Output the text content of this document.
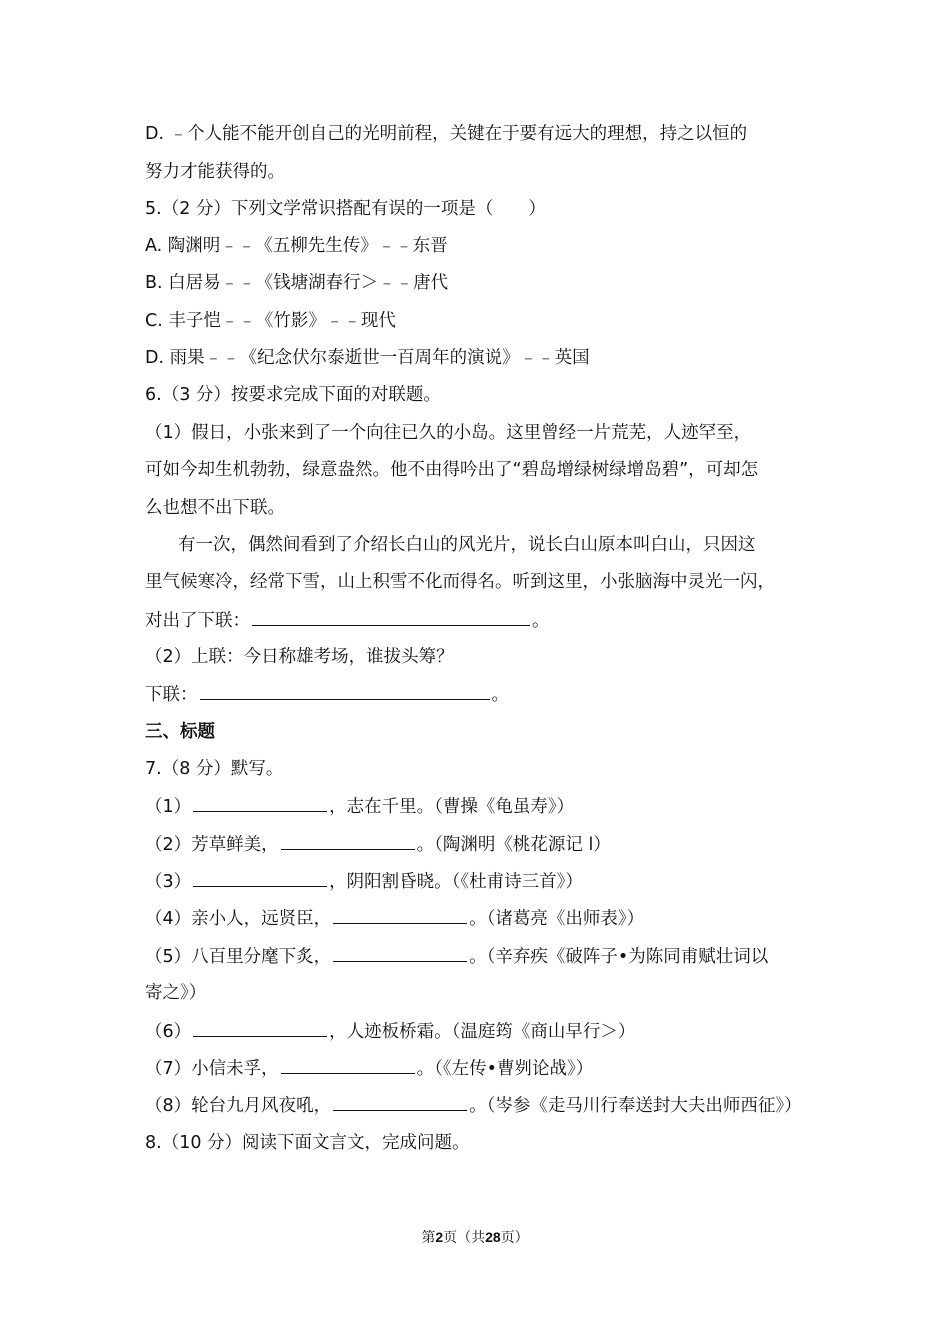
D. ﹣个人能不能开创自己的光明前程，关键在于要有远大的理想，持之以恒的
努力才能获得的。
5.（2 分）下列文学常识搭配有误的一项是（　　）
A. 陶渊明﹣﹣《五柳先生传》﹣﹣东晋
B. 白居易﹣﹣《钱塘湖春行＞﹣﹣唐代
C. 丰子恺﹣﹣《竹影》﹣﹣现代
D. 雨果﹣﹣《纪念伏尔泰逝世一百周年的演说》﹣﹣英国
6.（3 分）按要求完成下面的对联题。
（1）假日，小张来到了一个向往已久的小岛。这里曾经一片荒芜，人迹罕至，
可如今却生机勃勃，绿意盎然。他不由得吟出了“碧岛增绿树绿增岛碧”，可却怎
么也想不出下联。
有一次，偶然间看到了介绍长白山的风光片，说长白山原本叫白山，只因这
里气候寒冷，经常下雪，山上积雪不化而得名。听到这里，小张脑海中灵光一闪，
对出了下联：	。
（2）上联：今日称雄考场，谁拔头筹？
下联：	。
三、标题
7.（8 分）默写。
（1）	，志在千里。（曹操《龟虽寿》）
（2）芳草鲜美，	。（陶渊明《桃花源记 l）
（3）	，阴阳割昏晓。（《杜甫诗三首》）
（4）亲小人，远贤臣，	。（诸葛亮《出师表》）
（5）八百里分麾下炙，	。（辛弃疾《破阵子•为陈同甫赋壮词以
寄之》）
（6）	，人迹板桥霜。（温庭筠《商山早行＞）
（7）小信未孚，	。（《左传•曹刿论战》）
（8）轮台九月风夜吼，	。（岑参《走马川行奉送封大夫出师西征》）
8.（10 分）阅读下面文言文，完成问题。
第2页（共28页）
